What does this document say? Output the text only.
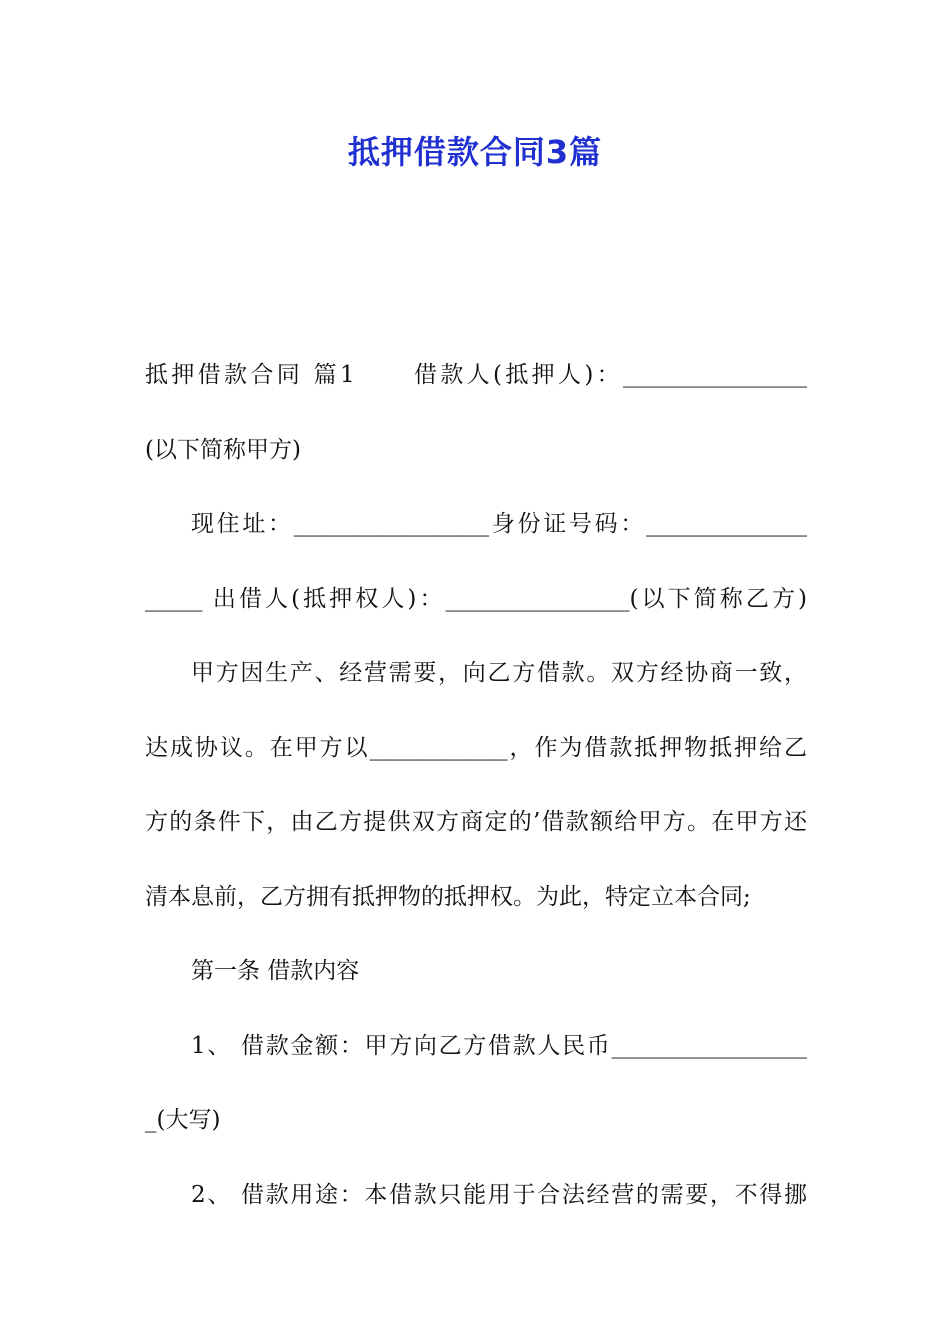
抵押借款合同3篇
抵押借款合同 篇1 借款人(抵押人)：________________
(以下简称甲方)
现住址：_________________身份证号码：______________
_____ 出借人(抵押权人)：________________(以下简称乙方)
甲方因生产、经营需要，向乙方借款。双方经协商一致，
达成协议。在甲方以____________，作为借款抵押物抵押给乙
方的条件下，由乙方提供双方商定的’借款额给甲方。在甲方还
清本息前，乙方拥有抵押物的抵押权。为此，特定立本合同;
第一条 借款内容
1、 借款金额：甲方向乙方借款人民币_________________
_(大写)
2、 借款用途：本借款只能用于合法经营的需要，不得挪
